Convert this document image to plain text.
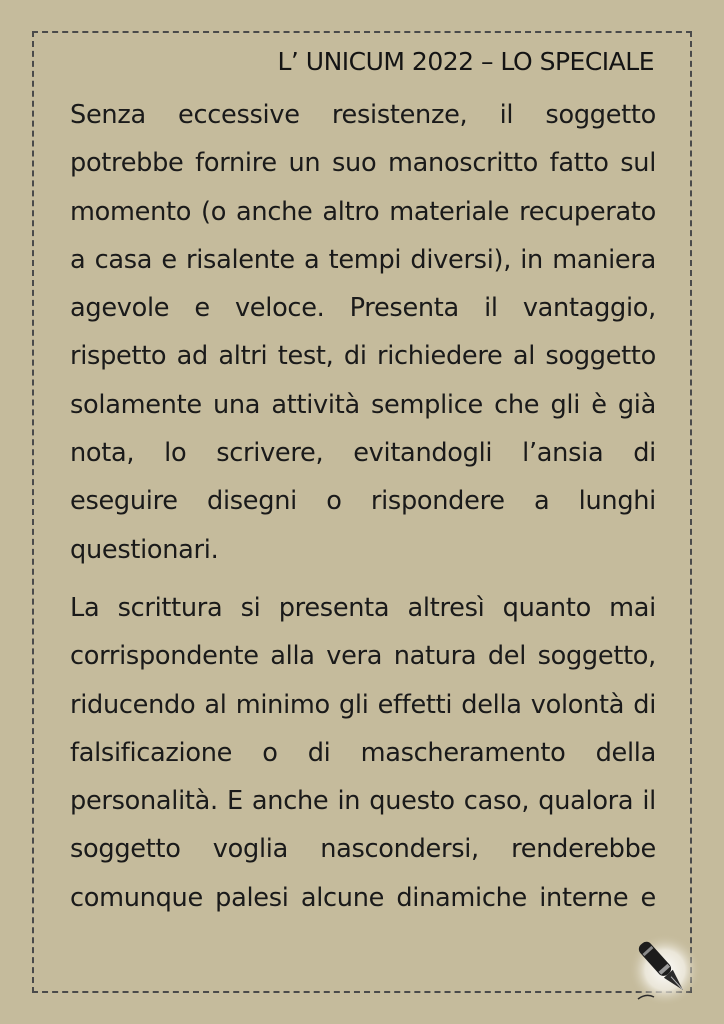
L’ UNICUM 2022 – LO SPECIALE

Senza eccessive resistenze, il soggetto potrebbe fornire un suo manoscritto fatto sul momento (o anche altro materiale recuperato a casa e risalente a tempi diversi), in maniera agevole e veloce. Presenta il vantaggio, rispetto ad altri test, di richiedere al soggetto solamente una attività semplice che gli è già nota, lo scrivere, evitandogli l’ansia di eseguire disegni o rispondere a lunghi questionari.

La scrittura si presenta altresì quanto mai corrispondente alla vera natura del soggetto, riducendo al minimo gli effetti della volontà di falsificazione o di mascheramento della personalità. E anche in questo caso, qualora il soggetto voglia nascondersi, renderebbe comunque palesi alcune dinamiche interne e
